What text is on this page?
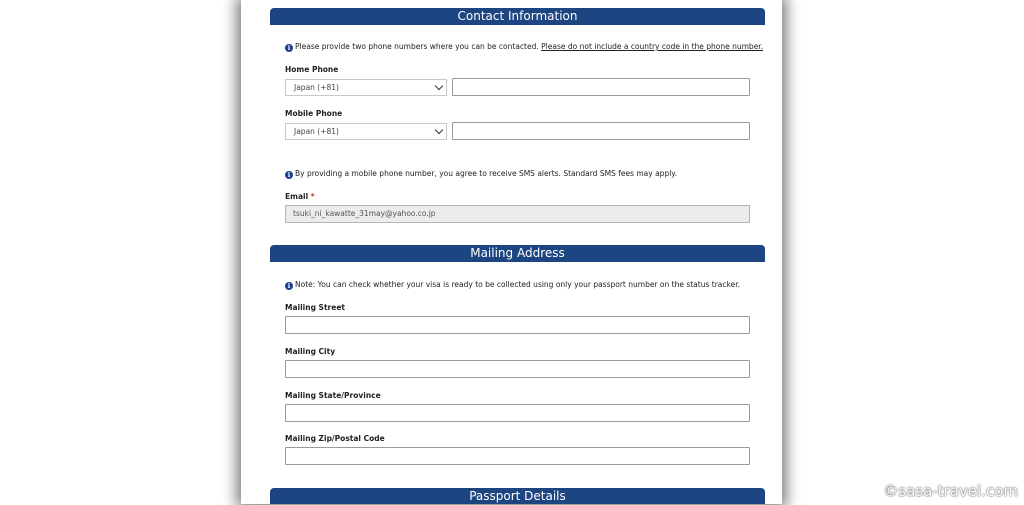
Contact Information
i Please provide two phone numbers where you can be contacted. Please do not include a country code in the phone number.
Home Phone
Japan (+81)
Mobile Phone
Japan (+81)
i By providing a mobile phone number, you agree to receive SMS alerts. Standard SMS fees may apply.
Email *
tsuki_ni_kawatte_31may@yahoo.co.jp
Mailing Address
i Note: You can check whether your visa is ready to be collected using only your passport number on the status tracker.
Mailing Street
Mailing City
Mailing State/Province
Mailing Zip/Postal Code
Passport Details	©sasa-travel.com
